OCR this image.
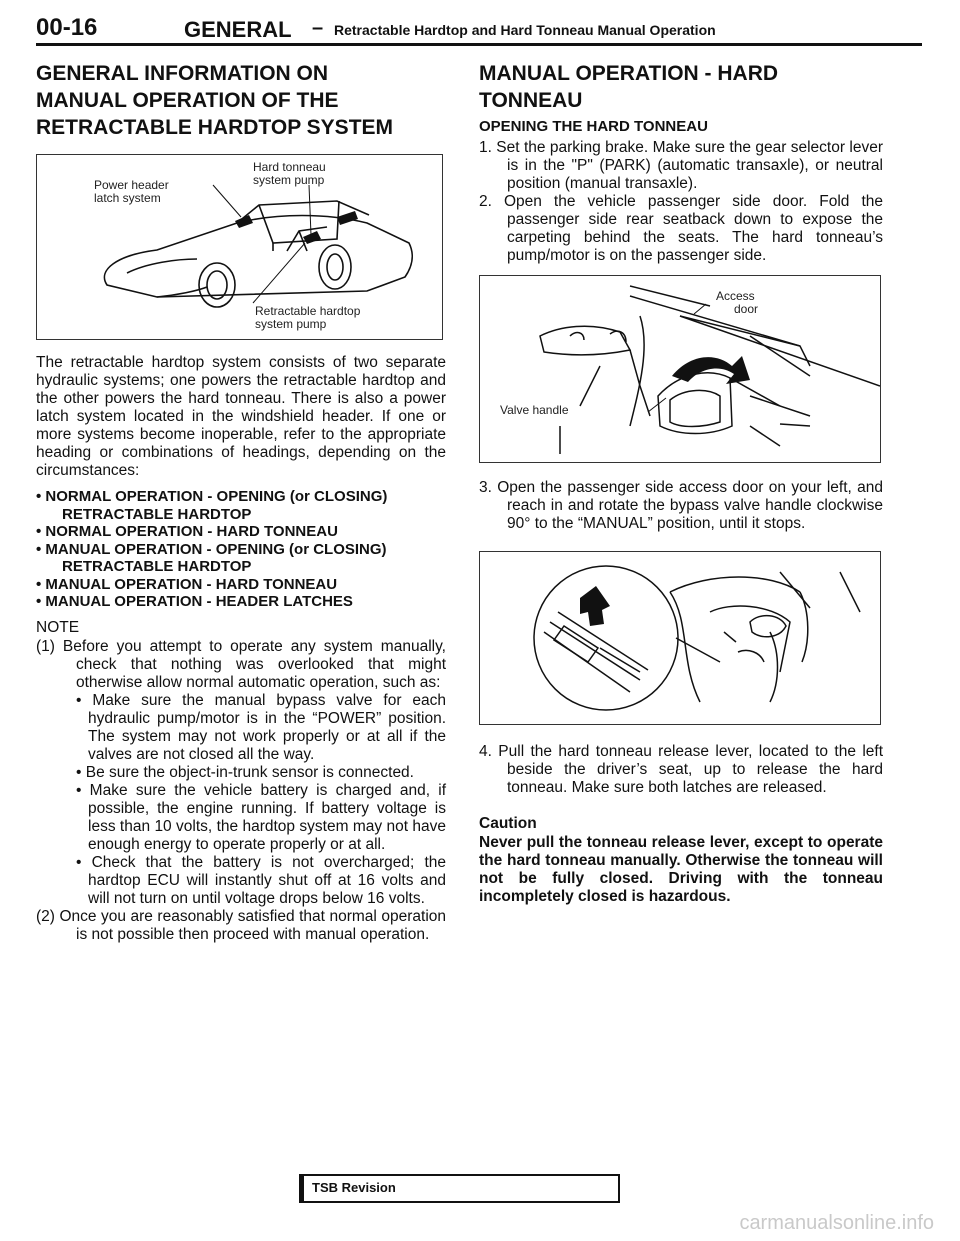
00-16	GENERAL – Retractable Hardtop and Hard Tonneau Manual Operation
GENERAL INFORMATION ON
MANUAL OPERATION OF THE
RETRACTABLE HARDTOP SYSTEM
Power header
latch system
Hard tonneau
system pump
Retractable hardtop
system pump

The retractable hardtop system consists of two separate hydraulic systems; one powers the retractable hardtop and the other powers the hard tonneau. There is also a power latch system located in the windshield header. If one or more systems become inoperable, refer to the appropriate heading or combinations of headings, depending on the circumstances:

• NORMAL OPERATION - OPENING (or CLOSING) RETRACTABLE HARDTOP
• NORMAL OPERATION - HARD TONNEAU
• MANUAL OPERATION - OPENING (or CLOSING) RETRACTABLE HARDTOP
• MANUAL OPERATION - HARD TONNEAU
• MANUAL OPERATION - HEADER LATCHES
NOTE

(1) Before you attempt to operate any system manually, check that nothing was overlooked that might otherwise allow normal automatic operation, such as:

• Make sure the manual bypass valve for each hydraulic pump/motor is in the “POWER” position. The system may not work properly or at all if the valves are not closed all the way.

• Be sure the object-in-trunk sensor is connected.

• Make sure the vehicle battery is charged and, if possible, the engine running. If battery voltage is less than 10 volts, the hardtop system may not have enough energy to operate properly or at all.

• Check that the battery is not overcharged; the hardtop ECU will instantly shut off at 16 volts and will not turn on until voltage drops below 16 volts.

(2) Once you are reasonably satisfied that normal operation is not possible then proceed with manual operation.

MANUAL OPERATION - HARD
TONNEAU
OPENING THE HARD TONNEAU

1. Set the parking brake. Make sure the gear selector lever is in the "P" (PARK) (automatic transaxle), or neutral position (manual transaxle).

2. Open the vehicle passenger side door. Fold the passenger side rear seatback down to expose the carpeting behind the seats. The hard tonneau’s pump/motor is on the passenger side.

Access
door
Valve handle

3. Open the passenger side access door on your left, and reach in and rotate the bypass valve handle clockwise 90° to the “MANUAL” position, until it stops.

4. Pull the hard tonneau release lever, located to the left beside the driver’s seat, up to release the hard tonneau. Make sure both latches are released.

Caution

Never pull the tonneau release lever, except to operate the hard tonneau manually. Otherwise the tonneau will not be fully closed. Driving with the tonneau incompletely closed is hazardous.

TSB Revision
carmanualsonline.info
